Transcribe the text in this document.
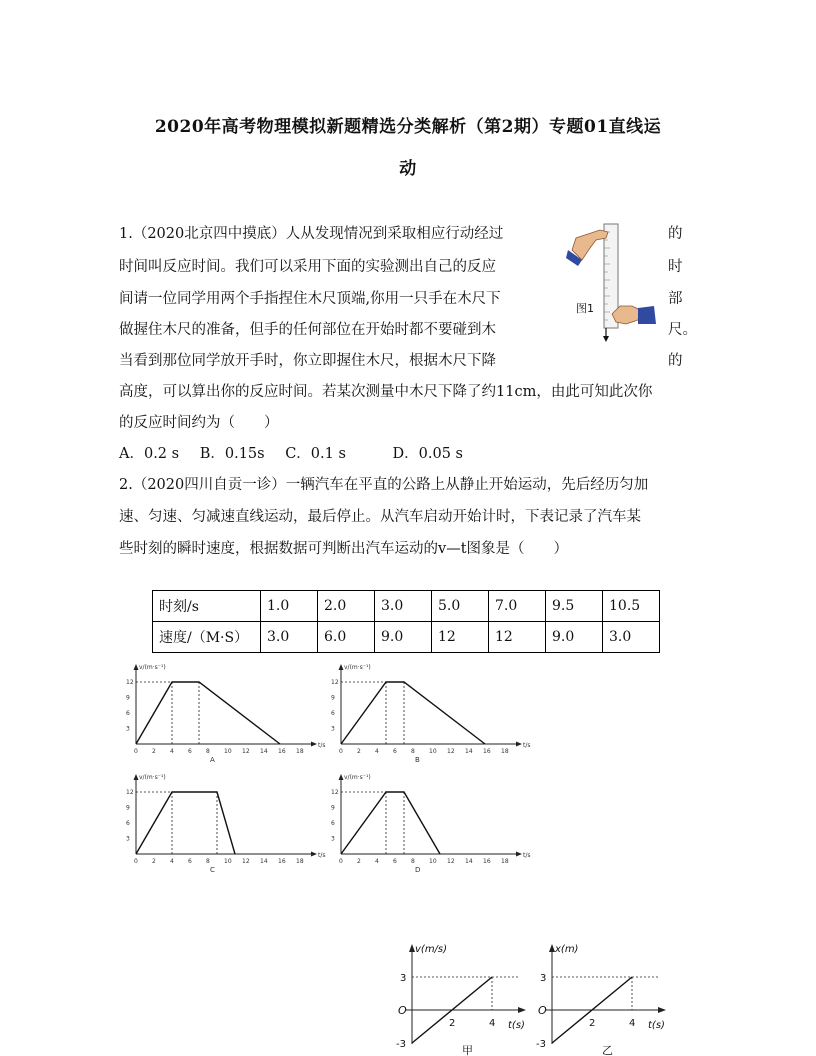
2020年高考物理模拟新题精选分类解析（第2期）专题01直线运
动
1.（2020北京四中摸底）人从发现情况到采取相应行动经过
时间叫反应时间。我们可以采用下面的实验测出自己的反应
间请一位同学用两个手指捏住木尺顶端,你用一只手在木尺下
做握住木尺的准备，但手的任何部位在开始时都不要碰到木
当看到那位同学放开手时，你立即握住木尺，根据木尺下降
高度，可以算出你的反应时间。若某次测量中木尺下降了约11cm，由此可知此次你
的反应时间约为（　　）
的
时
部
尺。
的
图1
A．0.2 s B．0.15s C．0.1 s	D．0.05 s
2.（2020四川自贡一诊）一辆汽车在平直的公路上从静止开始运动，先后经历匀加
速、匀速、匀减速直线运动，最后停止。从汽车启动开始计时，下表记录了汽车某
些时刻的瞬时速度，根据数据可判断出汽车运动的v—t图象是（　　）
时刻/s	1.0	2.0	3.0	5.0	7.0	9.5	10.5
速度/（M·S）	3.0	6.0	9.0	12	12	9.0	3.0
v/(m·s⁻¹)
t/s
12
9
6
3
0 2 4 6 8 10 12 14 16 18
A
v/(m·s⁻¹)
t/s
12
9
6
3
0 2 4 6 8 10 12 14 16 18
B
v/(m·s⁻¹)
t/s
12
9
6
3
0 2 4 6 8 10 12 14 16 18
C
v/(m·s⁻¹)
t/s
12
9
6
3
0 2 4 6 8 10 12 14 16 18
D
v(m/s)
t(s)
O
3
-3
2	4
甲
x(m)
t(s)
O
3
-3
2	4
乙
